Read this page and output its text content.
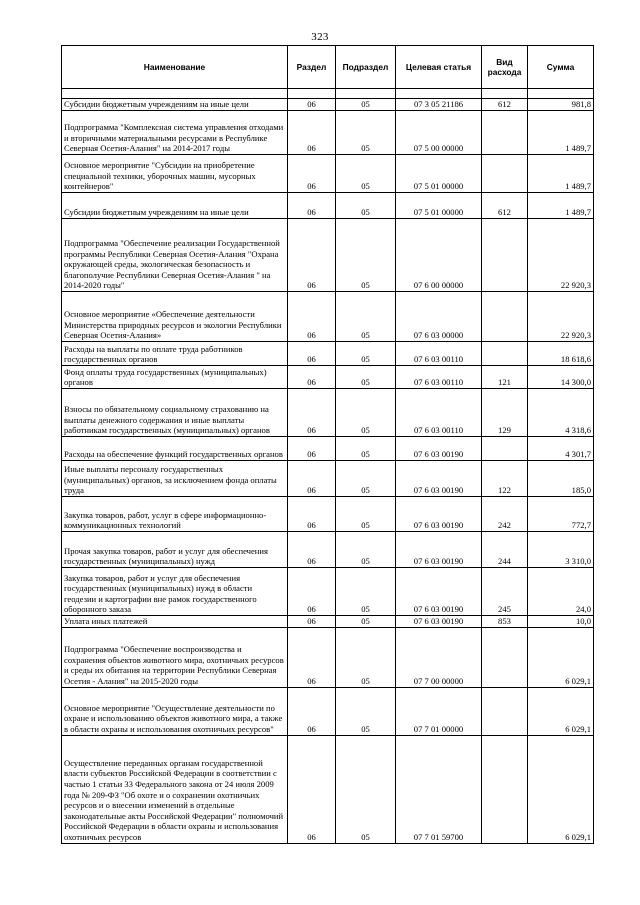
323
Наименование	Раздел	Подраздел	Целевая статья	Вид расхода	Сумма

Субсидии бюджетным учреждениям на иные цели	06	05	07 3 05 21186	612	981,8
Подпрограмма "Комплексная система управления отходами и вторичными материальными ресурсами в Республике Северная Осетия-Алания" на 2014-2017 годы	06	05	07 5 00 00000		1 489,7
Основное мероприятие "Субсидии на приобретение специальной техники, уборочных машин, мусорных контейнеров"	06	05	07 5 01 00000		1 489,7
Субсидии бюджетным учреждениям на иные цели	06	05	07 5 01 00000	612	1 489,7
Подпрограмма "Обеспечение реализации Государственной программы Республики Северная Осетия-Алания "Охрана окружающей среды, экологическая безопасность и благополучие Республики Северная Осетия-Алания " на 2014-2020 годы"	06	05	07 6 00 00000		22 920,3
Основное мероприятие «Обеспечение деятельности Министерства природных ресурсов и экологии Республики Северная Осетия-Алания»	06	05	07 6 03 00000		22 920,3
Расходы на выплаты по оплате труда работников государственных органов	06	05	07 6 03 00110		18 618,6
Фонд оплаты труда государственных (муниципальных) органов	06	05	07 6 03 00110	121	14 300,0
Взносы по обязательному социальному страхованию на выплаты денежного содержания и иные выплаты работникам государственных (муниципальных) органов	06	05	07 6 03 00110	129	4 318,6
Расходы на обеспечение функций государственных органов	06	05	07 6 03 00190		4 301,7
Иные выплаты персоналу государственных (муниципальных) органов, за исключением фонда оплаты труда	06	05	07 6 03 00190	122	185,0
Закупка товаров, работ, услуг в сфере информационно-коммуникационных технологий	06	05	07 6 03 00190	242	772,7
Прочая закупка товаров, работ и услуг для обеспечения государственных (муниципальных) нужд	06	05	07 6 03 00190	244	3 310,0
Закупка товаров, работ и услуг для обеспечения государственных (муниципальных) нужд в области геодезии и картографии вне рамок государственного оборонного заказа	06	05	07 6 03 00190	245	24,0
Уплата иных платежей	06	05	07 6 03 00190	853	10,0
Подпрограмма "Обеспечение воспроизводства и сохранения объектов животного мира, охотничьих ресурсов и среды их обитания на территории Республики Северная Осетия - Алания" на 2015-2020 годы	06	05	07 7 00 00000		6 029,1
Основное мероприятие "Осуществление деятельности по охране и использованию объектов животного мира, а также в области охраны и использования охотничьих ресурсов"	06	05	07 7 01 00000		6 029,1
Осуществление переданных органам государственной власти субъектов Российской Федерации в соответствии с частью 1 статьи 33 Федерального закона от 24 июля 2009 года № 209-ФЗ "Об охоте и о сохранении охотничьих ресурсов и о внесении изменений в отдельные законодательные акты Российской Федерации" полномочий Российской Федерации в области охраны и использования охотничьих ресурсов	06	05	07 7 01 59700		6 029,1
